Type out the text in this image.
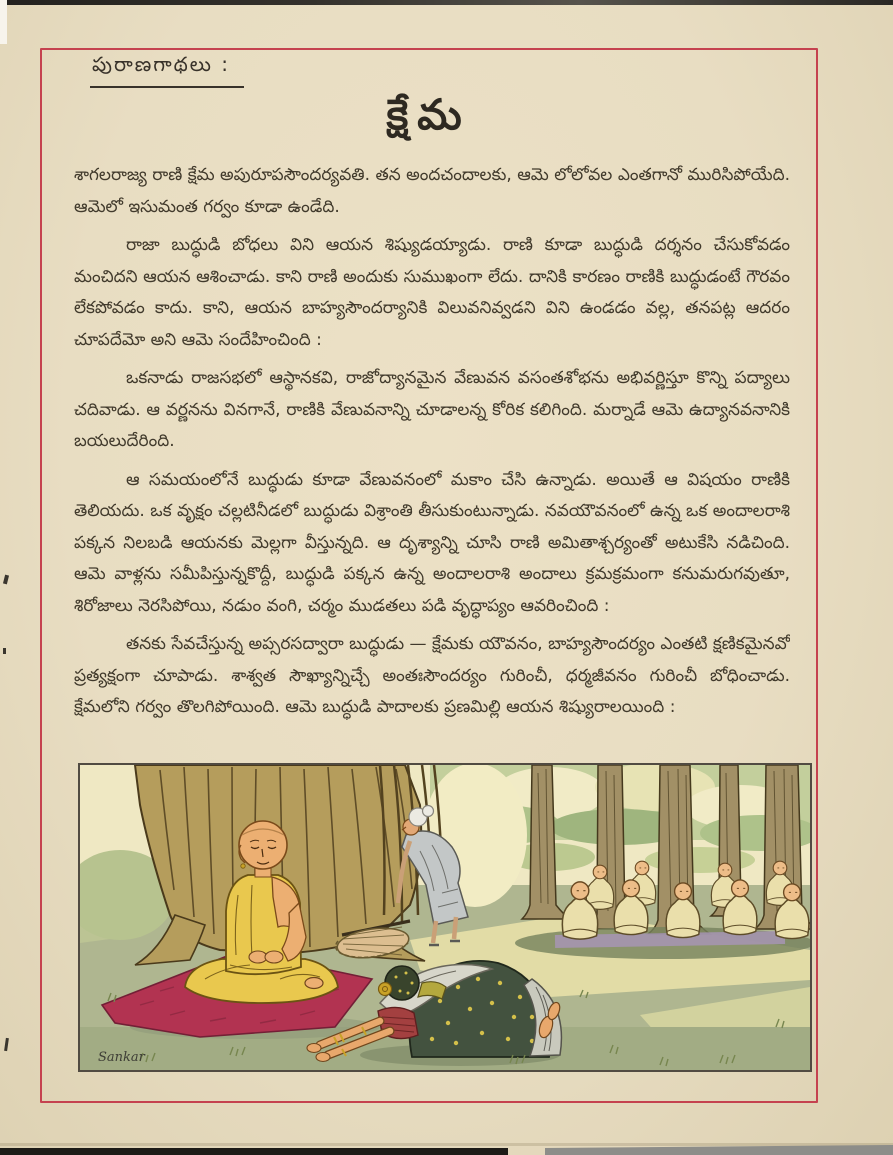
పురాణగాథలు :
క్షేమ

శాగలరాజ్య రాణి క్షేమ అపురూపసౌందర్యవతి. తన అందచందాలకు, ఆమె లోలోవల ఎంతగానో మురిసిపోయేది. ఆమెలో ఇసుమంత గర్వం కూడా ఉండేది.

రాజా బుద్ధుడి బోధలు విని ఆయన శిష్యుడయ్యాడు. రాణి కూడా బుద్ధుడి దర్శనం చేసుకోవడం మంచిదని ఆయన ఆశించాడు. కాని రాణి అందుకు సుముఖంగా లేదు. దానికి కారణం రాణికి బుద్ధుడంటే గౌరవం లేకపోవడం కాదు. కాని, ఆయన బాహ్యసౌందర్యానికి విలువనివ్వడని విని ఉండడం వల్ల, తనపట్ల ఆదరం చూపదేమో అని ఆమె సందేహించింది :

ఒకనాడు రాజసభలో ఆస్థానకవి, రాజోద్యానమైన వేణువన వసంతశోభను అభివర్ణిస్తూ కొన్ని పద్యాలు చదివాడు. ఆ వర్ణనను వినగానే, రాణికి వేణువనాన్ని చూడాలన్న కోరిక కలిగింది. మర్నాడే ఆమె ఉద్యానవనానికి బయలుదేరింది.

ఆ సమయంలోనే బుద్ధుడు కూడా వేణువనంలో మకాం చేసి ఉన్నాడు. అయితే ఆ విషయం రాణికి తెలియదు. ఒక వృక్షం చల్లటినీడలో బుద్ధుడు విశ్రాంతి తీసుకుంటున్నాడు. నవయౌవనంలో ఉన్న ఒక అందాలరాశి పక్కన నిలబడి ఆయనకు మెల్లగా వీస్తున్నది. ఆ దృశ్యాన్ని చూసి రాణి అమితాశ్చర్యంతో అటుకేసి నడిచింది. ఆమె వాళ్లను సమీపిస్తున్నకొద్దీ, బుద్ధుడి పక్కన ఉన్న అందాలరాశి అందాలు క్రమక్రమంగా కనుమరుగవుతూ, శిరోజాలు నెరసిపోయి, నడుం వంగి, చర్మం ముడతలు పడి వృద్ధాప్యం ఆవరించింది :

తనకు సేవచేస్తున్న అప్సరసద్వారా బుద్ధుడు — క్షేమకు యౌవనం, బాహ్యసౌందర్యం ఎంతటి క్షణికమైనవో ప్రత్యక్షంగా చూపాడు. శాశ్వత సౌఖ్యాన్నిచ్చే అంతఃసౌందర్యం గురించీ, ధర్మజీవనం గురించీ బోధించాడు. క్షేమలోని గర్వం తొలగిపోయింది. ఆమె బుద్ధుడి పాదాలకు ప్రణమిల్లి ఆయన శిష్యురాలయింది :

Sankar
